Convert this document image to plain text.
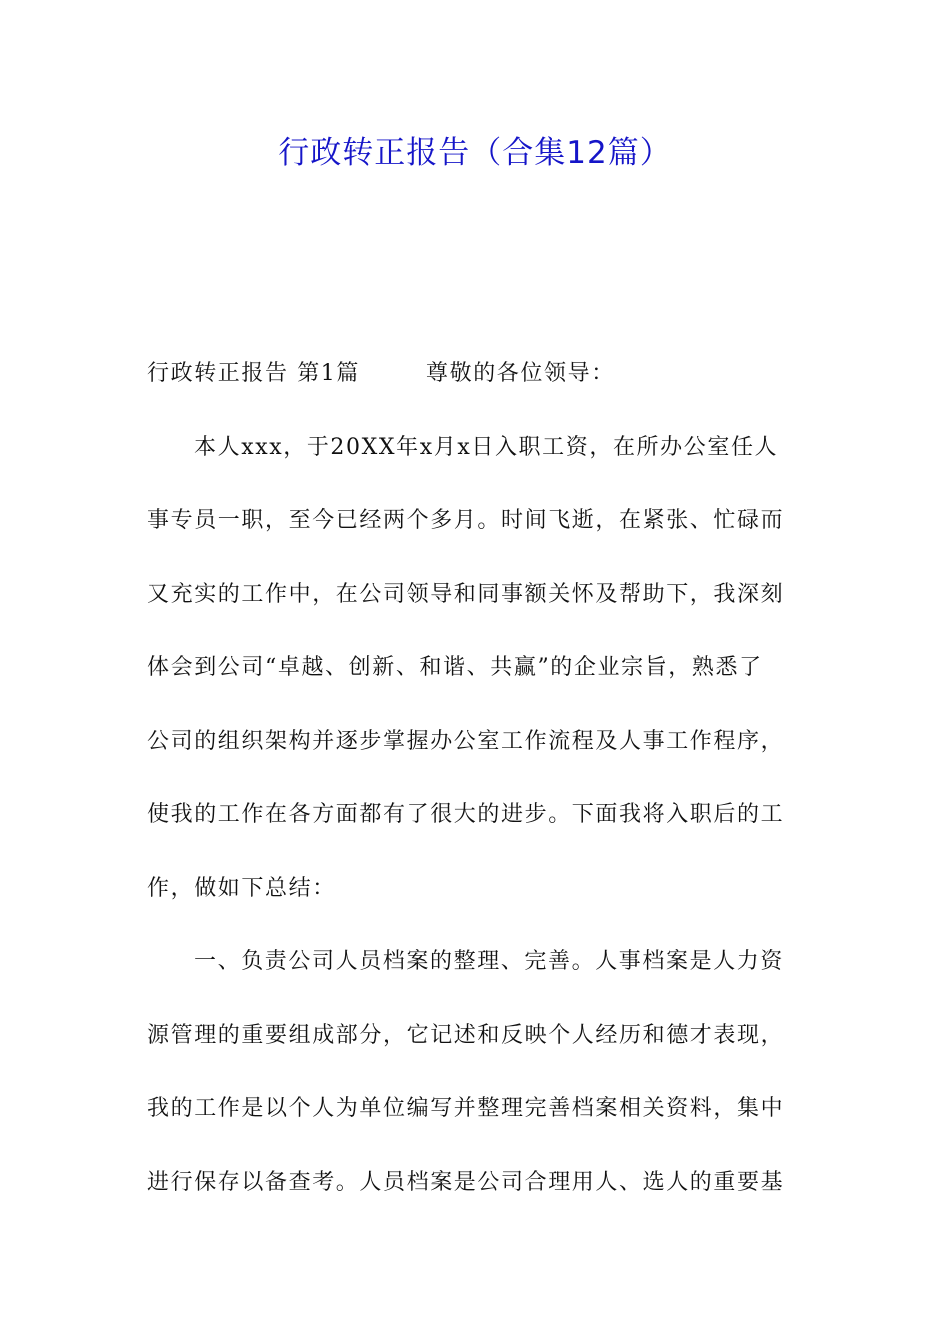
行政转正报告（合集12篇）
行政转正报告 第1篇	尊敬的各位领导：
本人xxx，于20XX年x月x日入职工资，在所办公室任人
事专员一职，至今已经两个多月。时间飞逝，在紧张、忙碌而
又充实的工作中，在公司领导和同事额关怀及帮助下，我深刻
体会到公司“卓越、创新、和谐、共赢”的企业宗旨，熟悉了
公司的组织架构并逐步掌握办公室工作流程及人事工作程序，
使我的工作在各方面都有了很大的进步。下面我将入职后的工
作，做如下总结：
一、负责公司人员档案的整理、完善。人事档案是人力资
源管理的重要组成部分，它记述和反映个人经历和德才表现，
我的工作是以个人为单位编写并整理完善档案相关资料，集中
进行保存以备查考。人员档案是公司合理用人、选人的重要基
